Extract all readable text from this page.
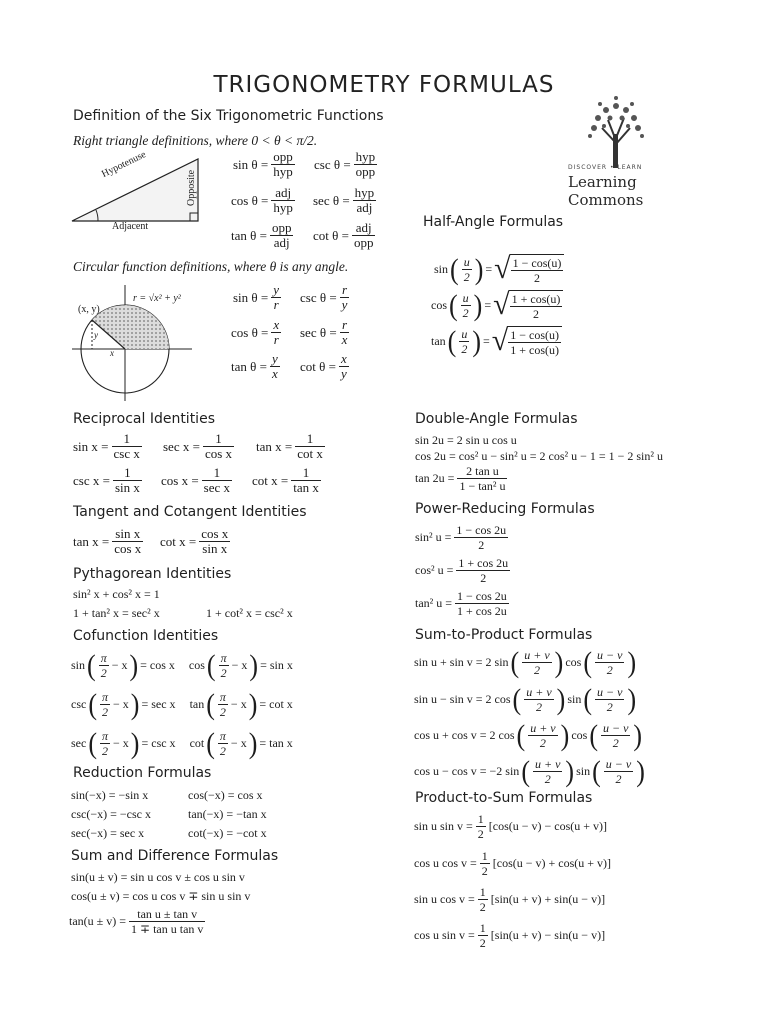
TRIGONOMETRY FORMULAS
DISCOVER • LEARN
Learning Commons
Definition of the Six Trigonometric Functions
Right triangle definitions, where 0 < θ < π/2.
Hypotenuse
Opposite
Adjacent
$\sin \theta = \frac{\text{opp}}{\text{hyp}}$ $\csc \theta = \frac{\text{hyp}}{\text{opp}}$
$\cos \theta = \frac{\text{adj}}{\text{hyp}}$ $\sec \theta = \frac{\text{hyp}}{\text{adj}}$
$\tan \theta = \frac{\text{opp}}{\text{adj}}$ $\cot \theta = \frac{\text{adj}}{\text{opp}}$
Circular function definitions, where θ is any angle.
(x, y)
r = √x² + y²
x
y
$\sin \theta = \frac{y}{r}$ $\csc \theta = \frac{r}{y}$
$\cos \theta = \frac{x}{r}$ $\sec \theta = \frac{r}{x}$
$\tan \theta = \frac{y}{x}$ $\cot \theta = \frac{x}{y}$
Half-Angle Formulas
sin ( $\frac{u}{2}$ ) = √ $\frac{1 - \cos(u)}{2}$
cos ( $\frac{u}{2}$ ) = √ $\frac{1 + \cos(u)}{2}$
tan ( $\frac{u}{2}$ ) = √ $\frac{1 - \cos(u)}{1 + \cos(u)}$
Reciprocal Identities
$\sin x = \frac{1}{\text{csc x}}$ $\sec x = \frac{1}{\text{cos x}}$ $\tan x = \frac{1}{\text{cot x}}$
$\csc x = \frac{1}{\text{sin x}}$ $\cos x = \frac{1}{\text{sec x}}$ $\cot x = \frac{1}{\text{tan x}}$
Double-Angle Formulas
sin 2u = 2 sin u cos u
cos 2u = cos² u − sin² u = 2 cos² u − 1 = 1 − 2 sin² u
$\tan 2u = \frac{\text{2 tan u}}{\text{1 − tan² u}}$
Tangent and Cotangent Identities
$\tan x = \frac{\text{sin x}}{\text{cos x}}$ $\cot x = \frac{\text{cos x}}{\text{sin x}}$
Power-Reducing Formulas
sin² $u = \frac{1 - \cos 2u}{2}$
cos² $u = \frac{1 + \cos 2u}{2}$
tan² $u = \frac{1 - \cos 2u}{1 + \cos 2u}$
Pythagorean Identities
sin² x + cos² x = 1
1 + tan² x = sec² x	1 + cot² x = csc² x
Cofunction Identities
sin ( $\frac{\pi}{2} - x$ ) = cos x cos ( $\frac{\pi}{2} - x$ ) = sin x
csc ( $\frac{\pi}{2} - x$ ) = sec x tan ( $\frac{\pi}{2} - x$ ) = cot x
sec ( $\frac{\pi}{2} - x$ ) = csc x cot ( $\frac{\pi}{2} - x$ ) = tan x
Sum-to-Product Formulas
sin u + sin v = 2 sin ( $\frac{u + v}{2}$ ) cos ( $\frac{u - v}{2}$ )
sin u − sin v = 2 cos ( $\frac{u + v}{2}$ ) sin ( $\frac{u - v}{2}$ )
cos u + cos v = 2 cos ( $\frac{u + v}{2}$ ) cos ( $\frac{u - v}{2}$ )
cos u − cos v = −2 sin ( $\frac{u + v}{2}$ ) sin ( $\frac{u - v}{2}$ )
Reduction Formulas
sin(−x) = −sin x	cos(−x) = cos x
csc(−x) = −csc x	tan(−x) = −tan x
sec(−x) = sec x	cot(−x) = −cot x
Product-to-Sum Formulas
sin u $\sin v = \frac{1}{2} [\cos(u - v) - \cos(u + v)]$
cos u $\cos v = \frac{1}{2} [\cos(u - v) + \cos(u + v)]$
sin u $\cos v = \frac{1}{2} [\sin(u + v) + \sin(u - v)]$
cos u $\sin v = \frac{1}{2} [\sin(u + v) - \sin(u - v)]$
Sum and Difference Formulas
sin(u ± v) = sin u cos v ± cos u sin v
cos(u ± v) = cos u cos v ∓ sin u sin v
$\tan(u \pm v) = \frac{\text{tan u ± tan v}}{\text{1 ∓ tan u tan v}}$
